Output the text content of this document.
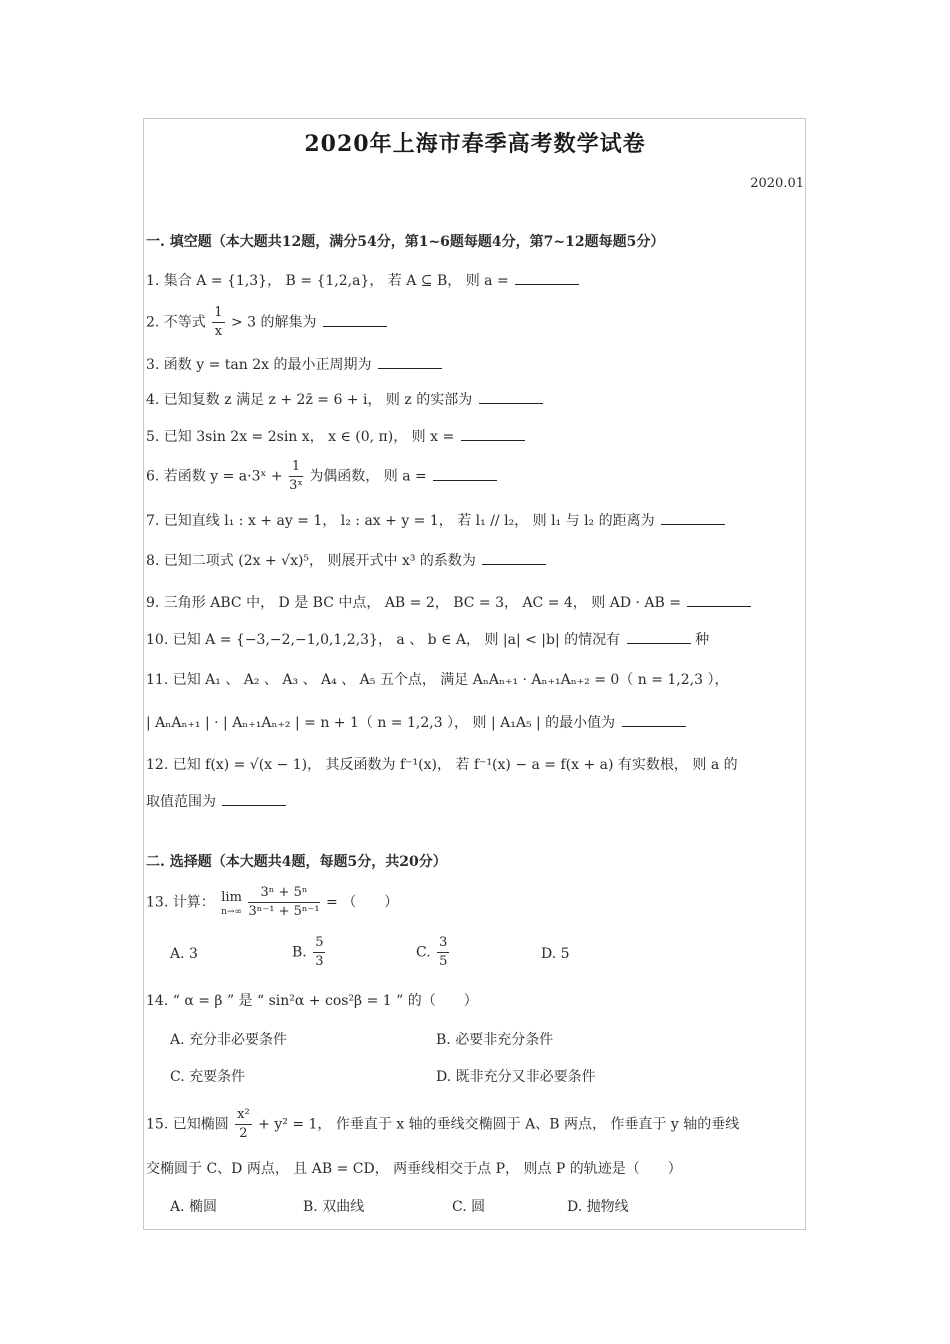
2020年上海市春季高考数学试卷
2020.01
一. 填空题（本大题共12题，满分54分，第1~6题每题4分，第7~12题每题5分）
1. 集合 A = {1,3}， B = {1,2,a}， 若 A ⊆ B， 则 a =
2. 不等式 $\frac{1}{x} > 3$ 的解集为
3. 函数 y = tan 2x 的最小正周期为
4. 已知复数 z 满足 z + 2z̄ = 6 + i， 则 z 的实部为
5. 已知 3sin 2x = 2sin x， x ∈ (0, π)， 则 x =
6. 若函数 y = a·3ˣ + $\frac{1}{\text{3ˣ}}$ 为偶函数， 则 a =
7. 已知直线 l₁ : x + ay = 1， l₂ : ax + y = 1， 若 l₁ // l₂， 则 l₁ 与 l₂ 的距离为
8. 已知二项式 (2x + √x)⁵， 则展开式中 x³ 的系数为
9. 三角形 ABC 中， D 是 BC 中点， AB = 2， BC = 3， AC = 4， 则 AD · AB =
10. 已知 A = {−3,−2,−1,0,1,2,3}， a 、 b ∈ A， 则 |a| < |b| 的情况有	种
11. 已知 A₁ 、 A₂ 、 A₃ 、 A₄ 、 A₅ 五个点， 满足 AₙAₙ₊₁ · Aₙ₊₁Aₙ₊₂ = 0（ n = 1,2,3 ），
| AₙAₙ₊₁ | · | Aₙ₊₁Aₙ₊₂ | = n + 1（ n = 1,2,3 ）， 则 | A₁A₅ | 的最小值为
12. 已知 f(x) = √(x − 1)， 其反函数为 f⁻¹(x)， 若 f⁻¹(x) − a = f(x + a) 有实数根， 则 a 的
取值范围为
二. 选择题（本大题共4题，每题5分，共20分）
13. 计算： lim
n→∞
$\frac{\text{3ⁿ + 5ⁿ}}{\text{3ⁿ⁻¹ + 5ⁿ⁻¹}}$ = （　　）
A. 3	B. $\frac{5}{3}$	C. $\frac{3}{5}$	D. 5
14. “ α = β ” 是 “ sin²α + cos²β = 1 ” 的（　　）
A. 充分非必要条件	B. 必要非充分条件
C. 充要条件	D. 既非充分又非必要条件
15. 已知椭圆 $\frac{\text{x²}}{2} + y^2 = 1$， 作垂直于 x 轴的垂线交椭圆于 A、B 两点， 作垂直于 y 轴的垂线
交椭圆于 C、D 两点， 且 AB = CD， 两垂线相交于点 P， 则点 P 的轨迹是（　　）
A. 椭圆	B. 双曲线	C. 圆	D. 抛物线
